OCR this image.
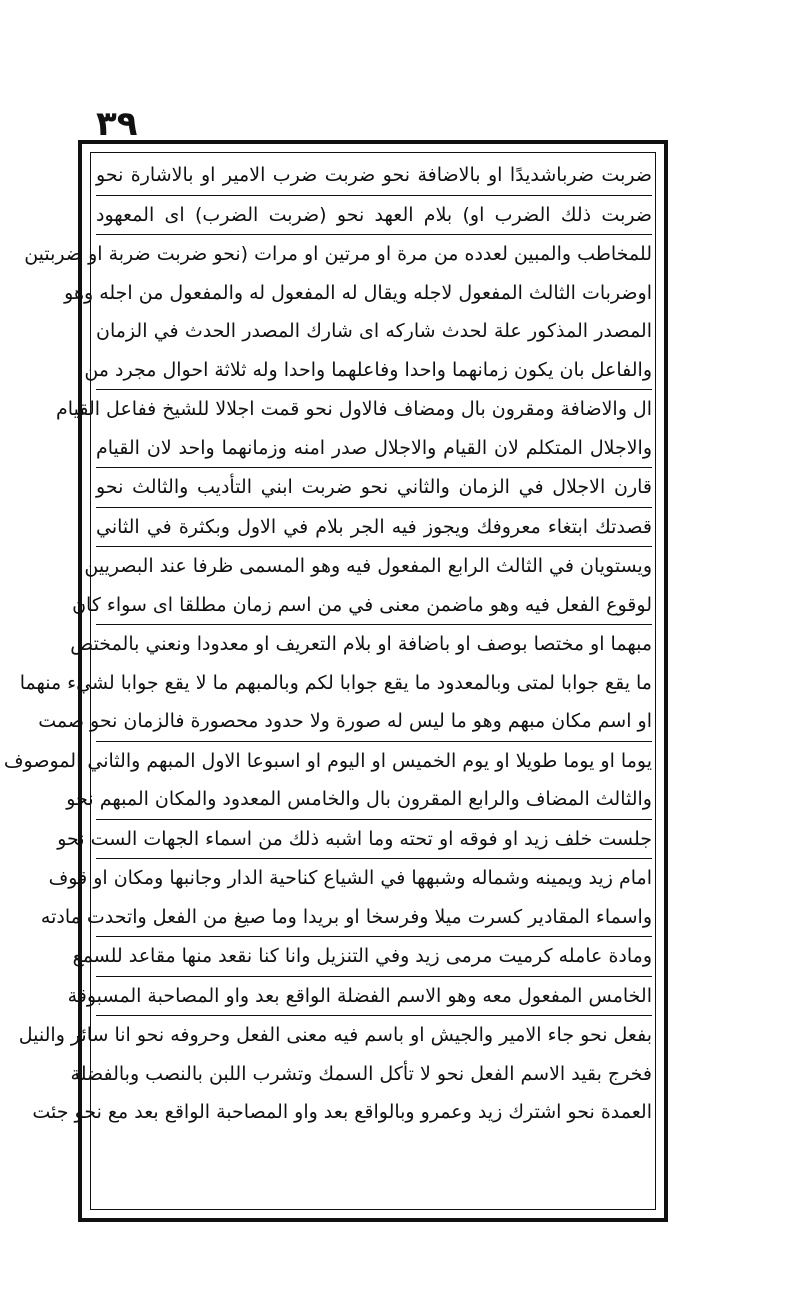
۳۹
ضربت ضرباشديدًا او بالاضافة نحو ضربت ضرب الامير او بالاشارة نحو
ضربت ذلك الضرب او) بلام العهد نحو (ضربت الضرب) اى المعهود
للمخاطب والمبين لعدده من مرة او مرتين او مرات (نحو ضربت ضربة او ضربتين
اوضربات الثالث المفعول لاجله ويقال له المفعول له والمفعول من اجله وهو
المصدر المذكور علة لحدث شاركه اى شارك المصدر الحدث في الزمان
والفاعل بان يكون زمانهما واحدا وفاعلهما واحدا وله ثلاثة احوال مجرد من
ال والاضافة ومقرون بال ومضاف فالاول نحو قمت اجلالا للشيخ ففاعل القيام
والاجلال المتكلم لان القيام والاجلال صدر امنه وزمانهما واحد لان القيام
قارن الاجلال في الزمان والثاني نحو ضربت ابني التأديب والثالث نحو
قصدتك ابتغاء معروفك ويجوز فيه الجر بلام في الاول وبكثرة في الثاني
ويستويان في الثالث الرابع المفعول فيه وهو المسمى ظرفا عند البصريين
لوقوع الفعل فيه وهو ماضمن معنى في من اسم زمان مطلقا اى سواء كان
مبهما او مختصا بوصف او باضافة او بلام التعريف او معدودا ونعني بالمختص
ما يقع جوابا لمتى وبالمعدود ما يقع جوابا لكم وبالمبهم ما لا يقع جوابا لشيء منهما
او اسم مكان مبهم وهو ما ليس له صورة ولا حدود محصورة فالزمان نحو صمت
يوما او يوما طويلا او يوم الخميس او اليوم او اسبوعا الاول المبهم والثاني الموصوف
والثالث المضاف والرابع المقرون بال والخامس المعدود والمكان المبهم نحو
جلست خلف زيد او فوقه او تحته وما اشبه ذلك من اسماء الجهات الست نحو
امام زيد ويمينه وشماله وشبهها في الشياع كناحية الدار وجانبها ومكان او قوف
واسماء المقادير كسرت ميلا وفرسخا او بريدا وما صيغ من الفعل واتحدت مادته
ومادة عامله كرميت مرمى زيد وفي التنزيل وانا كنا نقعد منها مقاعد للسمع
الخامس المفعول معه وهو الاسم الفضلة الواقع بعد واو المصاحبة المسبوقة
بفعل نحو جاء الامير والجيش او باسم فيه معنى الفعل وحروفه نحو انا سائر والنيل
فخرج بقيد الاسم الفعل نحو لا تأكل السمك وتشرب اللبن بالنصب وبالفضلة
العمدة نحو اشترك زيد وعمرو وبالواقع بعد واو المصاحبة الواقع بعد مع نحو جئت
